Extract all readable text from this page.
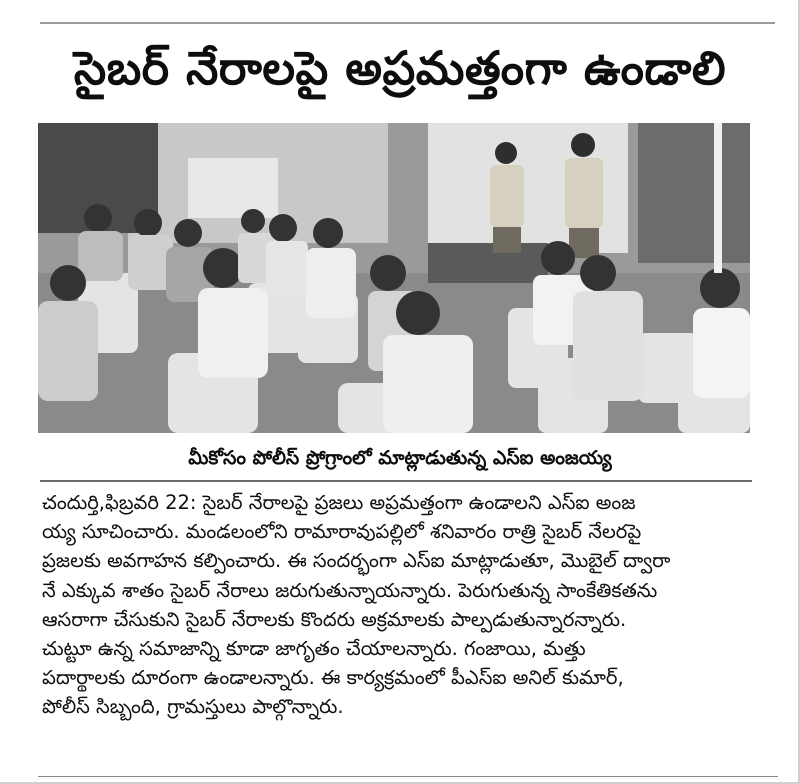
సైబర్ నేరాలపై అప్రమత్తంగా ఉండాలి
మీకోసం పోలీస్ ప్రోగ్రాంలో మాట్లాడుతున్న ఎస్ఐ అంజయ్య
చందుర్తి,ఫిబ్రవరి 22: సైబర్ నేరాలపై ప్రజలు అప్రమత్తంగా ఉండాలని ఎస్ఐ అంజ
య్య సూచించారు. మండలంలోని రామారావుపల్లిలో శనివారం రాత్రి సైబర్ నేలరపై
ప్రజలకు అవగాహన కల్పించారు. ఈ సందర్భంగా ఎస్ఐ మాట్లాడుతూ, మొబైల్ ద్వారా
నే ఎక్కువ శాతం సైబర్ నేరాలు జరుగుతున్నాయన్నారు. పెరుగుతున్న సాంకేతికతను
ఆసరాగా చేసుకుని సైబర్ నేరాలకు కొందరు అక్రమాలకు పాల్పడుతున్నారన్నారు.
చుట్టూ ఉన్న సమాజాన్ని కూడా జాగృతం చేయాలన్నారు. గంజాయి, మత్తు
పదార్థాలకు దూరంగా ఉండాలన్నారు. ఈ కార్యక్రమంలో పీఎస్ఐ అనిల్ కుమార్,
పోలీస్ సిబ్బంది, గ్రామస్తులు పాల్గొన్నారు.
